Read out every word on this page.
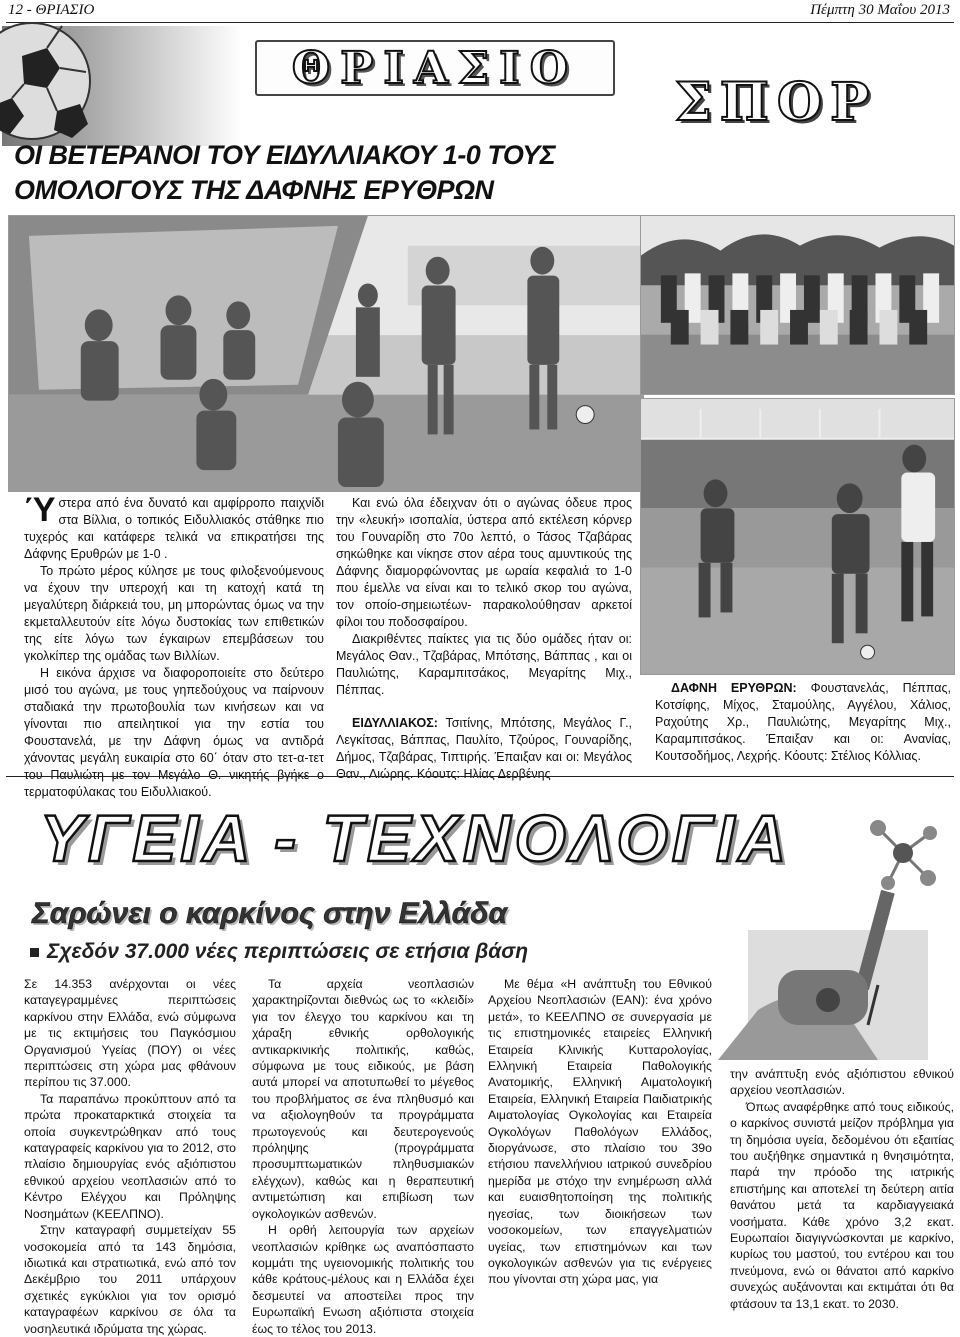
12 - ΘΡΙΑΣΙΟ	Πέμπτη 30 Μαΐου 2013
ΘΡΙΑΣΙΟ
ΣΠΟΡ
ΟΙ ΒΕΤΕΡΑΝΟΙ ΤΟΥ ΕΙΔΥΛΛΙΑΚΟΥ 1-0 ΤΟΥΣ ΟΜΟΛΟΓΟΥΣ ΤΗΣ ΔΑΦΝΗΣ ΕΡΥΘΡΩΝ

Ύστερα από ένα δυνατό και αμφίρροπο παιχνίδι στα Βίλλια, ο τοπικός Ειδυλλιακός στάθηκε πιο τυχερός και κατάφερε τελικά να επικρατήσει της Δάφνης Ερυθρών με 1-0 .

Το πρώτο μέρος κύλησε με τους φιλοξενούμενους να έχουν την υπεροχή και τη κατοχή κατά τη μεγαλύτερη διάρκειά του, μη μπορώντας όμως να την εκμεταλλευτούν είτε λόγω δυστοκίας των επιθετικών της είτε λόγω των έγκαιρων επεμβάσεων του γκολκίπερ της ομάδας των Βιλλίων.

Η εικόνα άρχισε να διαφοροποιείτε στο δεύτερο μισό του αγώνα, με τους γηπεδούχους να παίρνουν σταδιακά την πρωτοβουλία των κινήσεων και να γίνονται πιο απειλητικοί για την εστία του Φουστανελά, με την Δάφνη όμως να αντιδρά χάνοντας μεγάλη ευκαιρία στο 60΄ όταν στο τετ-α-τετ του Παυλιώτη με τον Μεγάλο Θ. νικητής βγήκε ο τερματοφύλακας του Ειδυλλιακού.

Και ενώ όλα έδειχναν ότι ο αγώνας όδευε προς την «λευκή» ισοπαλία, ύστερα από εκτέλεση κόρνερ του Γουναρίδη στο 70ο λεπτό, ο Τάσος Τζαβάρας σηκώθηκε και νίκησε στον αέρα τους αμυντικούς της Δάφνης διαμορφώνοντας με ωραία κεφαλιά το 1-0 που έμελλε να είναι και το τελικό σκορ του αγώνα, τον οποίο-σημειωτέων- παρακολούθησαν αρκετοί φίλοι του ποδοσφαίρου.

Διακριθέντες παίκτες για τις δύο ομάδες ήταν οι: Μεγάλος Θαν., Τζαβάρας, Μπότσης, Βάππας , και οι Παυλιώτης, Καραμπιτσάκος, Μεγαρίτης Μιχ., Πέππας.

ΕΙΔΥΛΛΙΑΚΟΣ: Τσιτίνης, Μπότσης, Μεγάλος Γ., Λεγκίτσας, Βάππας, Παυλίτο, Τζούρος, Γουναρίδης, Δήμος, Τζαβάρας, Τιπτιρής. Έπαιξαν και οι: Μεγάλος Θαν., Λιώρης. Κόουτς: Ηλίας Δερβένης

ΔΑΦΝΗ ΕΡΥΘΡΩΝ: Φουστανελάς, Πέππας, Κοτσίφης, Μίχος, Σταμούλης, Αγγέλου, Χάλιος, Ραχούτης Χρ., Παυλιώτης, Μεγαρίτης Μιχ., Καραμπιτσάκος. Έπαιξαν και οι: Ανανίας, Κουτσοδήμος, Λεχρής. Κόουτς: Στέλιος Κόλλιας.

ΥΓΕΙΑ - ΤΕΧΝΟΛΟΓΙΑ
Σαρώνει ο καρκίνος στην Ελλάδα
Σχεδόν 37.000 νέες περιπτώσεις σε ετήσια βάση

Σε 14.353 ανέρχονται οι νέες καταγεγραμμένες περιπτώσεις καρκίνου στην Ελλάδα, ενώ σύμφωνα με τις εκτιμήσεις του Παγκόσμιου Οργανισμού Υγείας (ΠΟΥ) οι νέες περιπτώσεις στη χώρα μας φθάνουν περίπου τις 37.000.

Τα παραπάνω προκύπτουν από τα πρώτα προκαταρκτικά στοιχεία τα οποία συγκεντρώθηκαν από τους καταγραφείς καρκίνου για το 2012, στο πλαίσιο δημιουργίας ενός αξιόπιστου εθνικού αρχείου νεοπλασιών από το Κέντρο Ελέγχου και Πρόληψης Νοσημάτων (ΚΕΕΛΠΝΟ).

Στην καταγραφή συμμετείχαν 55 νοσοκομεία από τα 143 δημόσια, ιδιωτικά και στρατιωτικά, ενώ από τον Δεκέμβριο του 2011 υπάρχουν σχετικές εγκύκλιοι για τον ορισμό καταγραφέων καρκίνου σε όλα τα νοσηλευτικά ιδρύματα της χώρας.

Τα αρχεία νεοπλασιών χαρακτηρίζονται διεθνώς ως το «κλειδί» για τον έλεγχο του καρκίνου και τη χάραξη εθνικής ορθολογικής αντικαρκινικής πολιτικής, καθώς, σύμφωνα με τους ειδικούς, με βάση αυτά μπορεί να αποτυπωθεί το μέγεθος του προβλήματος σε ένα πληθυσμό και να αξιολογηθούν τα προγράμματα πρωτογενούς και δευτερογενούς πρόληψης (προγράμματα προσυμπτωματικών πληθυσμιακών ελέγχων), καθώς και η θεραπευτική αντιμετώπιση και επιβίωση των ογκολογικών ασθενών.

Η ορθή λειτουργία των αρχείων νεοπλασιών κρίθηκε ως αναπόσπαστο κομμάτι της υγειονομικής πολιτικής του κάθε κράτους-μέλους και η Ελλάδα έχει δεσμευτεί να αποστείλει προς την Ευρωπαϊκή Ενωση αξιόπιστα στοιχεία έως το τέλος του 2013.

Με θέμα «Η ανάπτυξη του Εθνικού Αρχείου Νεοπλασιών (ΕΑΝ): ένα χρόνο μετά», το ΚΕΕΛΠΝΟ σε συνεργασία με τις επιστημονικές εταιρείες Ελληνική Εταιρεία Κλινικής Κυτταρολογίας, Ελληνική Εταιρεία Παθολογικής Ανατομικής, Ελληνική Αιματολογική Εταιρεία, Ελληνική Εταιρεία Παιδιατρικής Αιματολογίας Ογκολογίας και Εταιρεία Ογκολόγων Παθολόγων Ελλάδος, διοργάνωσε, στο πλαίσιο του 39ο ετήσιου πανελλήνιου ιατρικού συνεδρίου ημερίδα με στόχο την ενημέρωση αλλά και ευαισθητοποίηση της πολιτικής ηγεσίας, των διοικήσεων των νοσοκομείων, των επαγγελματιών υγείας, των επιστημόνων και των ογκολογικών ασθενών για τις ενέργειες που γίνονται στη χώρα μας, για

την ανάπτυξη ενός αξιόπιστου εθνικού αρχείου νεοπλασιών.

Όπως αναφέρθηκε από τους ειδικούς, ο καρκίνος συνιστά μείζον πρόβλημα για τη δημόσια υγεία, δεδομένου ότι εξαιτίας του αυξήθηκε σημαντικά η θνησιμότητα, παρά την πρόοδο της ιατρικής επιστήμης και αποτελεί τη δεύτερη αιτία θανάτου μετά τα καρδιαγγειακά νοσήματα. Κάθε χρόνο 3,2 εκατ. Ευρωπαίοι διαγιγνώσκονται με καρκίνο, κυρίως του μαστού, του εντέρου και του πνεύμονα, ενώ οι θάνατοι από καρκίνο συνεχώς αυξάνονται και εκτιμάται ότι θα φτάσουν τα 13,1 εκατ. το 2030.
